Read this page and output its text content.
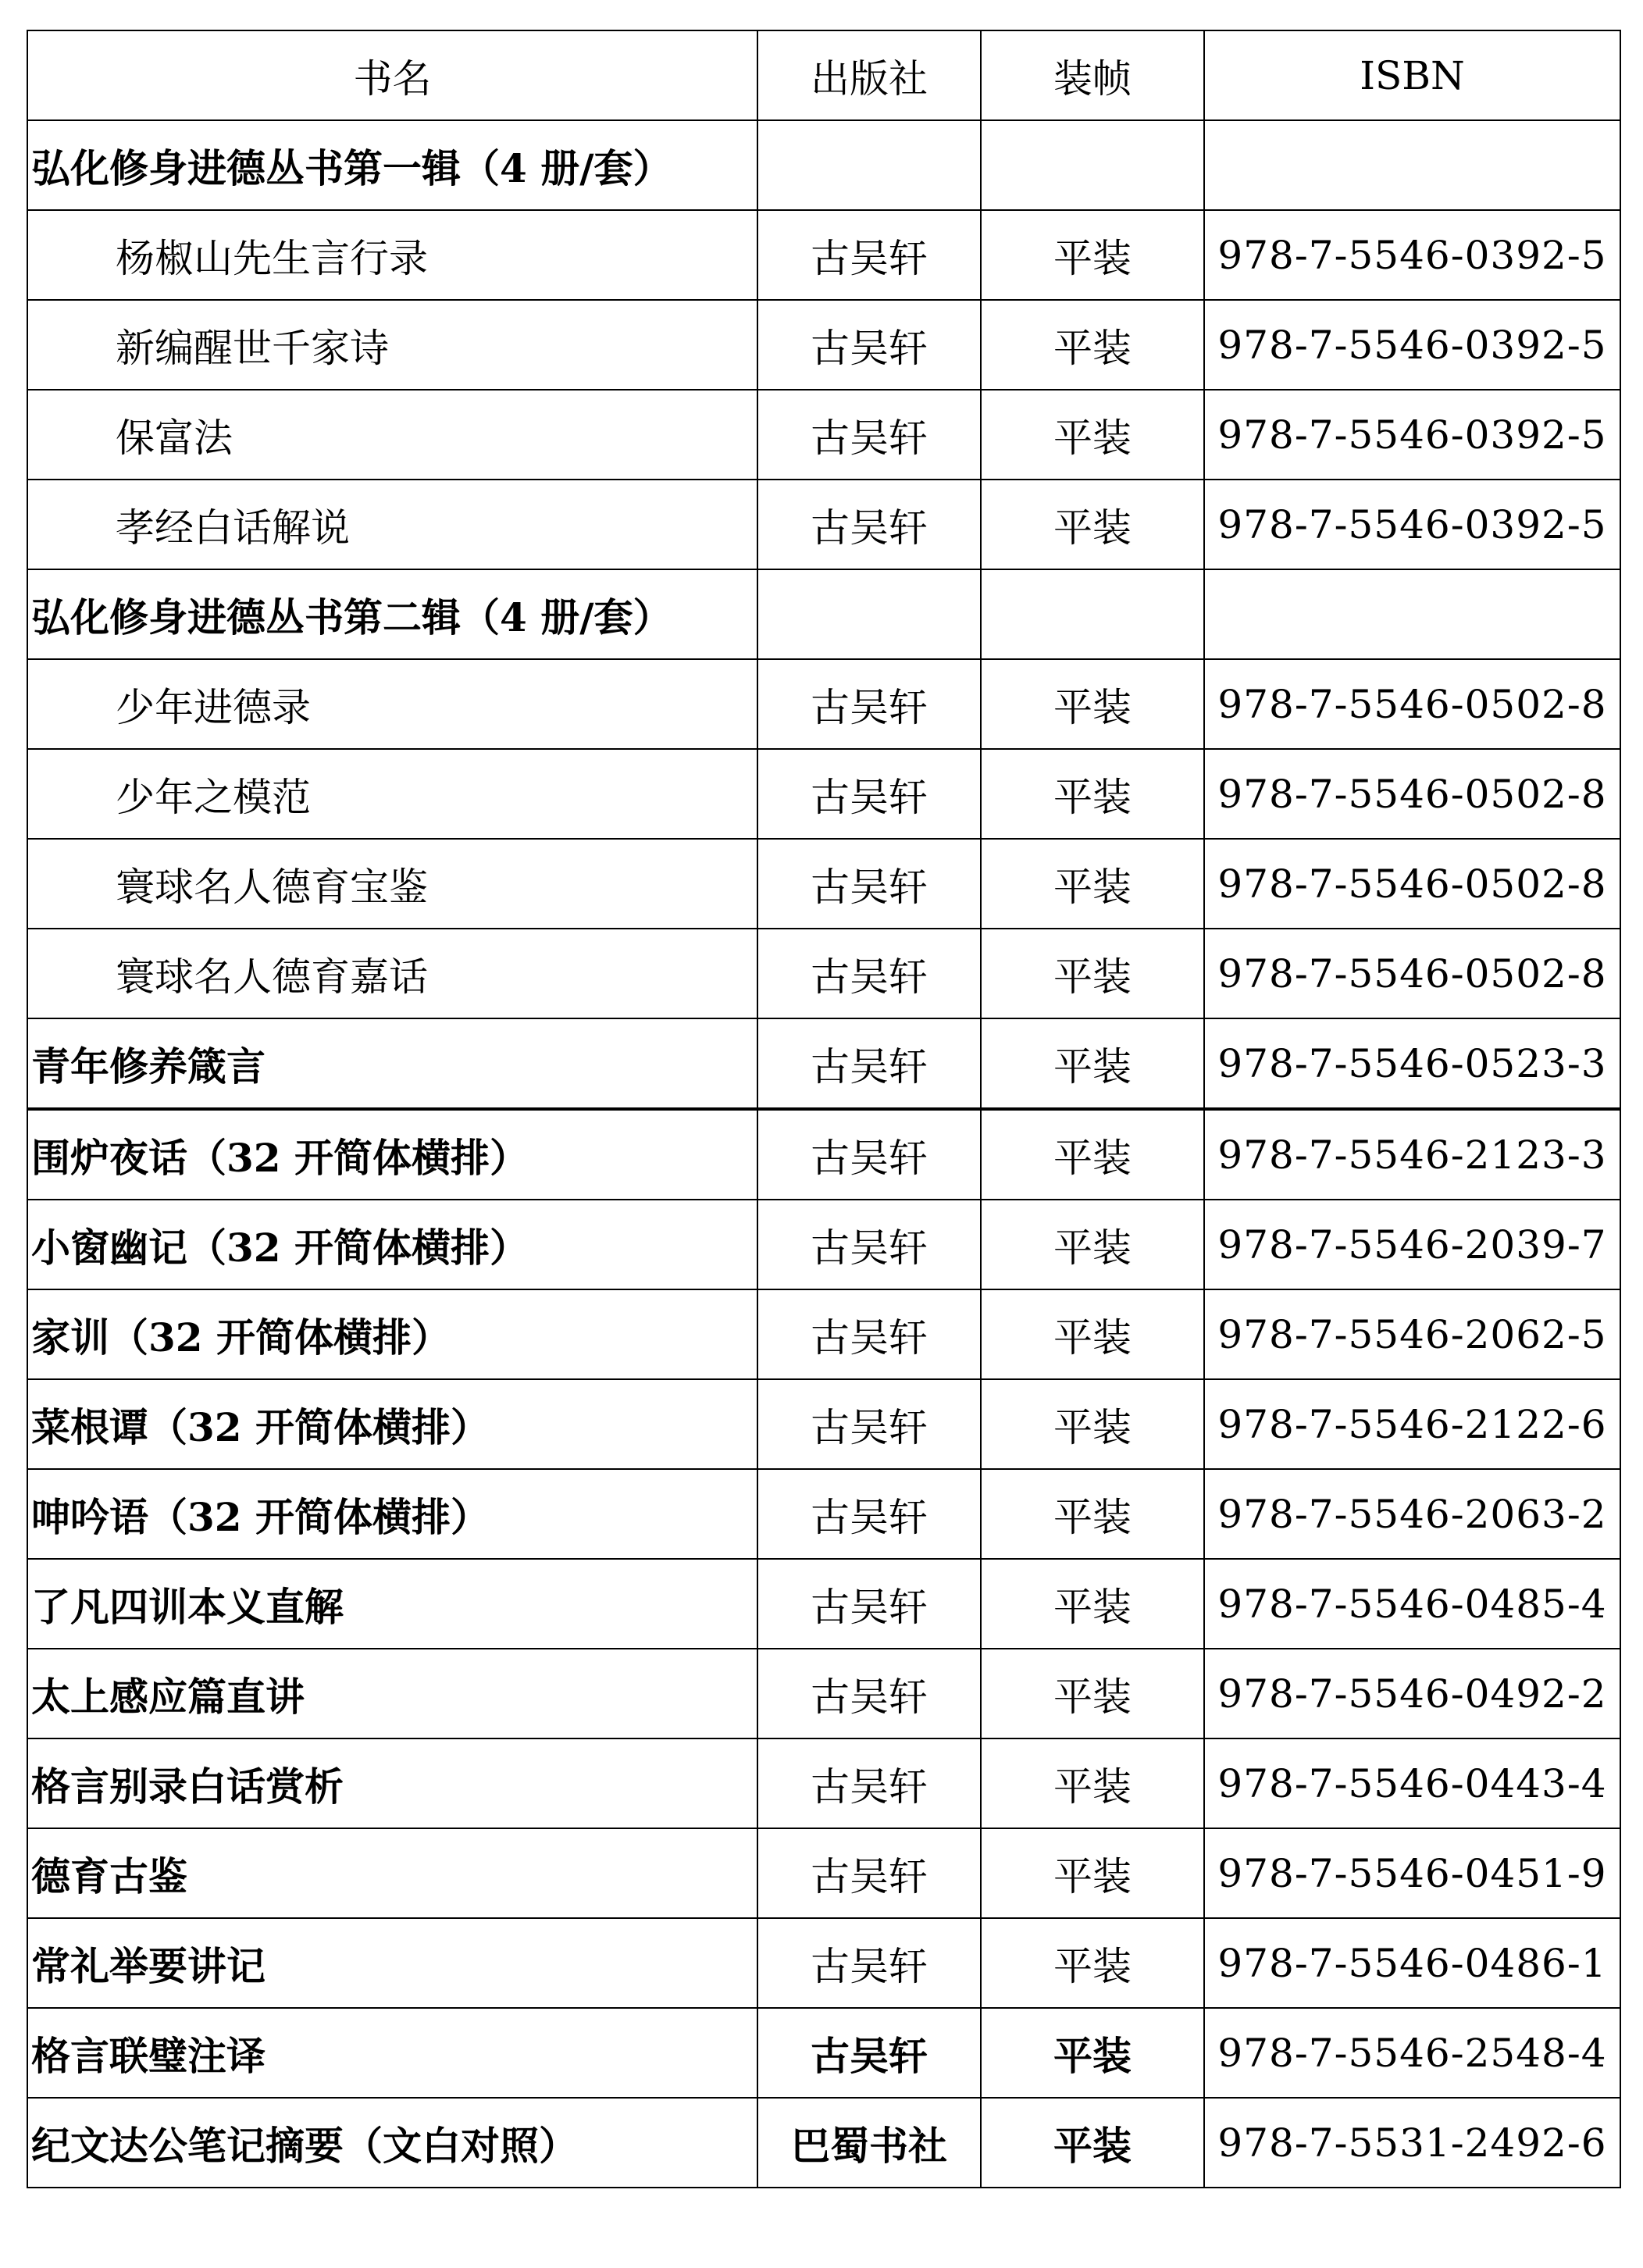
书名	出版社	装帧	ISBN
弘化修身进德丛书第一辑（4 册/套）			
杨椒山先生言行录	古吴轩	平装	978-7-5546-0392-5
新编醒世千家诗	古吴轩	平装	978-7-5546-0392-5
保富法	古吴轩	平装	978-7-5546-0392-5
孝经白话解说	古吴轩	平装	978-7-5546-0392-5
弘化修身进德丛书第二辑（4 册/套）			
少年进德录	古吴轩	平装	978-7-5546-0502-8
少年之模范	古吴轩	平装	978-7-5546-0502-8
寰球名人德育宝鉴	古吴轩	平装	978-7-5546-0502-8
寰球名人德育嘉话	古吴轩	平装	978-7-5546-0502-8
青年修养箴言	古吴轩	平装	978-7-5546-0523-3
围炉夜话（32 开简体横排）	古吴轩	平装	978-7-5546-2123-3
小窗幽记（32 开简体横排）	古吴轩	平装	978-7-5546-2039-7
家训（32 开简体横排）	古吴轩	平装	978-7-5546-2062-5
菜根谭（32 开简体横排）	古吴轩	平装	978-7-5546-2122-6
呻吟语（32 开简体横排）	古吴轩	平装	978-7-5546-2063-2
了凡四训本义直解	古吴轩	平装	978-7-5546-0485-4
太上感应篇直讲	古吴轩	平装	978-7-5546-0492-2
格言别录白话赏析	古吴轩	平装	978-7-5546-0443-4
德育古鉴	古吴轩	平装	978-7-5546-0451-9
常礼举要讲记	古吴轩	平装	978-7-5546-0486-1
格言联璧注译	古吴轩	平装	978-7-5546-2548-4
纪文达公笔记摘要（文白对照）	巴蜀书社	平装	978-7-5531-2492-6
